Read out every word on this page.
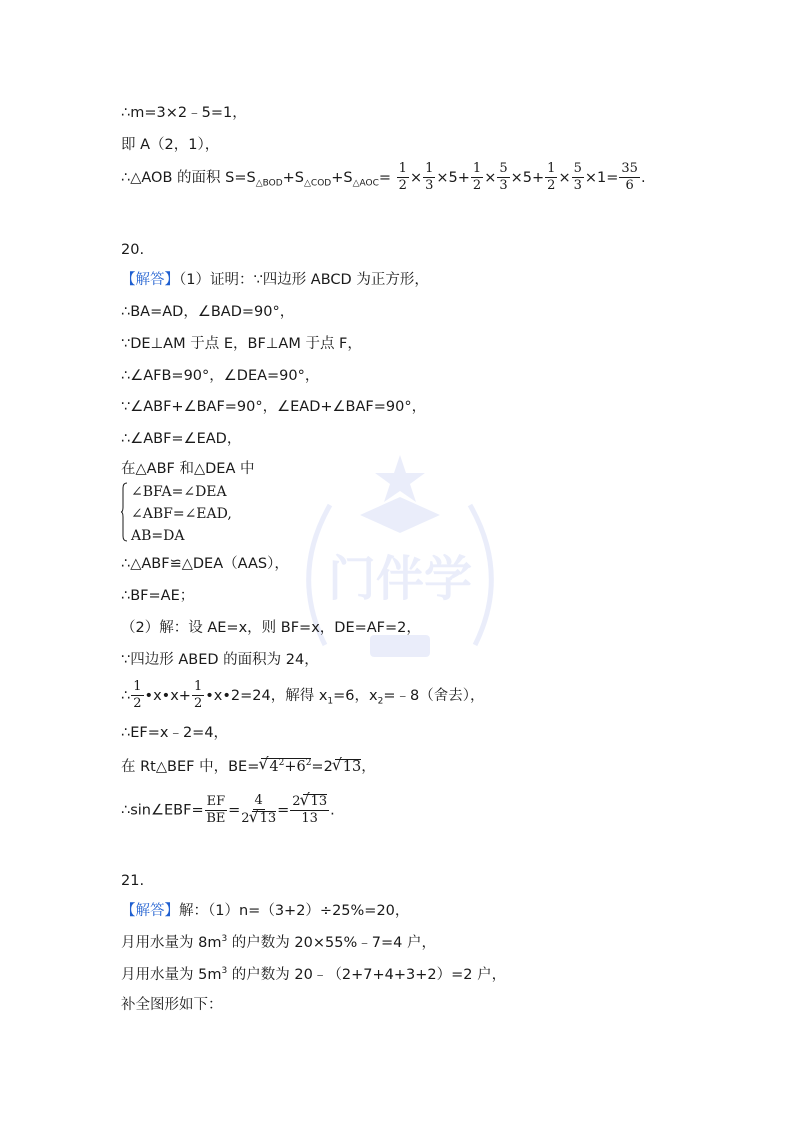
门伴学
∴m=3×2﹣5=1，
即 A（2，1），
∴△AOB 的面积 $S=S_{\triangle BOD}+S_{\triangle COD}+S_{\triangle AOC}= \frac{1}{2} \times \frac{1}{3} \times 5+ \frac{1}{2} \times \frac{5}{3} \times 5+ \frac{1}{2} \times \frac{5}{3} \times 1= \frac{35}{6}$ .
20.
【解答】（1）证明：∵四边形 ABCD 为正方形，
∴BA=AD，∠BAD=90°，
∵DE⊥AM 于点 E，BF⊥AM 于点 F，
∴∠AFB=90°，∠DEA=90°，
∵∠ABF+∠BAF=90°，∠EAD+∠BAF=90°，
∴∠ABF=∠EAD，
在△ABF 和△DEA 中
∠BFA=∠DEA
∠ABF=∠EAD,
AB=DA
∴△ABF≌△DEA（AAS），
∴BF=AE；
（2）解：设 AE=x，则 BF=x，DE=AF=2，
∵四边形 ABED 的面积为 24，
∴ $\frac{1}{2}$ •x•x+ $\frac{1}{2}$ •x•2=24，解得 $x_1=6$，$x_2=﹣8$（舍去），
∴EF=x﹣2=4，
在 Rt△BEF 中，BE=√ $4^2+6^2=2√$ 13，
∴sin∠EBF= $\frac{EF}{BE} = \frac{4}{2√ 13} = \frac{2√ 13}{13}$ .
21.
【解答】解：（1）n=（3+2）÷25%=20，
月用水量为 $8m^3$ 的户数为 20×55%﹣7=4 户，
月用水量为 $5m^3$ 的户数为 20﹣（2+7+4+3+2）=2 户，
补全图形如下：
